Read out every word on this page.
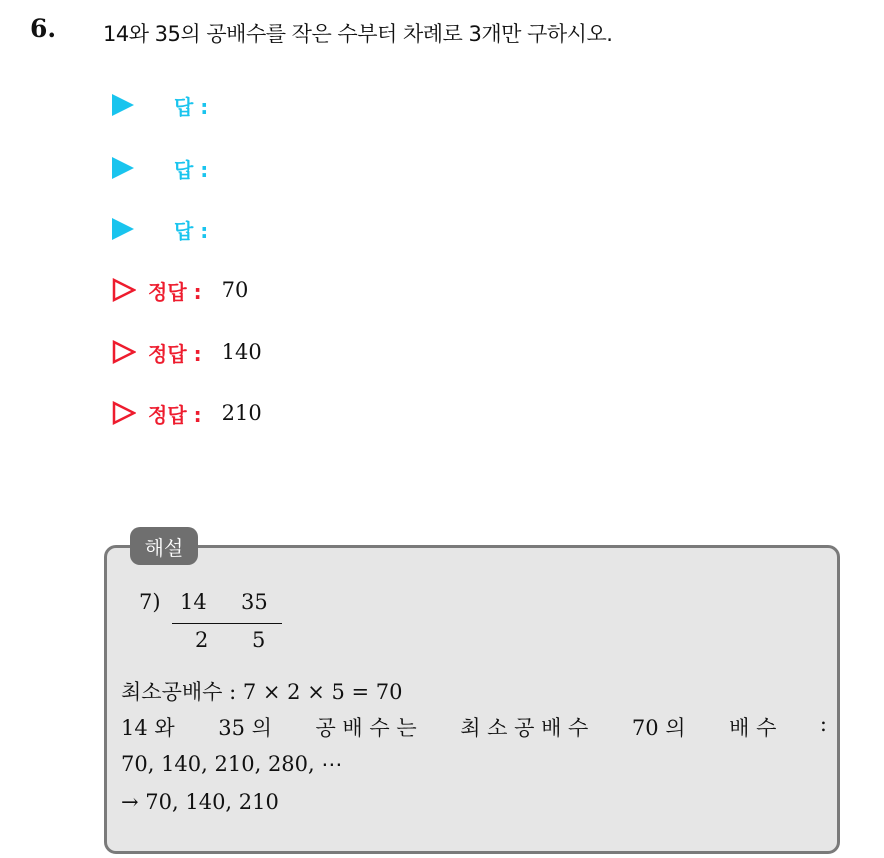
6. 14와 35의 공배수를 작은 수부터 차례로 3개만 구하시오.
답 :
답 :
답 :
정답 : 70
정답 : 140
정답 : 210
해설
7) 14 35
2 5
최소공배수 : 7 × 2 × 5 = 70
14 와 35 의 공 배 수 는 최 소 공 배 수 70 의 배 수 :
70, 140, 210, 280, ⋯
→ 70, 140, 210
